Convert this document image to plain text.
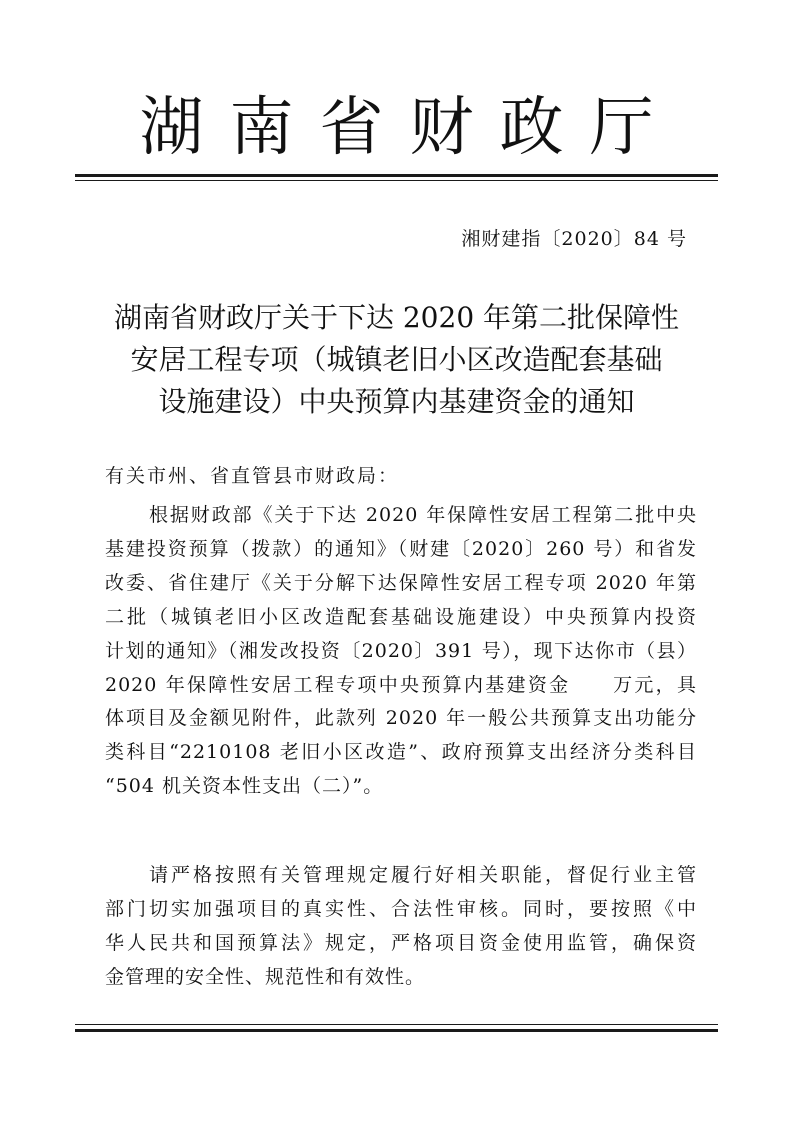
湖南省财政厅
湘财建指〔2020〕84 号
湖南省财政厅关于下达 2020 年第二批保障性
安居工程专项（城镇老旧小区改造配套基础
设施建设）中央预算内基建资金的通知
有关市州、省直管县市财政局：
根据财政部《关于下达 2020 年保障性安居工程第二批中央
基建投资预算（拨款）的通知》（财建〔2020〕260 号）和省发
改委、省住建厅《关于分解下达保障性安居工程专项 2020 年第
二批（城镇老旧小区改造配套基础设施建设）中央预算内投资
计划的通知》（湘发改投资〔2020〕391 号），现下达你市（县）
2020 年保障性安居工程专项中央预算内基建资金　　万元，具
体项目及金额见附件，此款列 2020 年一般公共预算支出功能分
类科目“2210108 老旧小区改造”、政府预算支出经济分类科目
“504 机关资本性支出（二）”。
请严格按照有关管理规定履行好相关职能，督促行业主管
部门切实加强项目的真实性、合法性审核。同时，要按照《中
华人民共和国预算法》规定，严格项目资金使用监管，确保资
金管理的安全性、规范性和有效性。
